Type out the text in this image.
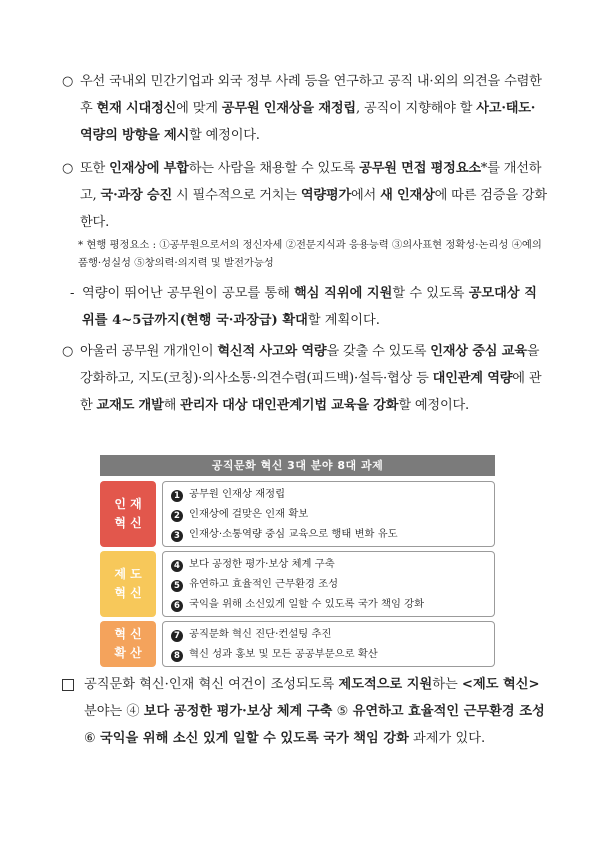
○ 우선 국내외 민간기업과 외국 정부 사례 등을 연구하고 공직 내·외의 의견을 수렴한 후 현재 시대정신에 맞게 공무원 인재상을 재정립, 공직이 지향해야 할 사고·태도·역량의 방향을 제시할 예정이다.
○ 또한 인재상에 부합하는 사람을 채용할 수 있도록 공무원 면접 평정요소*를 개선하고, 국·과장 승진 시 필수적으로 거치는 역량평가에서 새 인재상에 따른 검증을 강화한다.
* 현행 평정요소 : ①공무원으로서의 정신자세 ②전문지식과 응용능력 ③의사표현 정확성·논리성 ④예의품행·성실성 ⑤창의력·의지력 및 발전가능성
- 역량이 뛰어난 공무원이 공모를 통해 핵심 직위에 지원할 수 있도록 공모대상 직위를 4~5급까지(현행 국·과장급) 확대할 계획이다.
○ 아울러 공무원 개개인이 혁신적 사고와 역량을 갖출 수 있도록 인재상 중심 교육을 강화하고, 지도(코칭)·의사소통·의견수렴(피드백)·설득·협상 등 대인관계 역량에 관한 교재도 개발해 관리자 대상 대인관계기법 교육을 강화할 예정이다.
공직문화 혁신 3대 분야 8대 과제
인 재
혁 신
1 공무원 인재상 재정립
2 인재상에 걸맞은 인재 확보
3 인재상·소통역량 중심 교육으로 행태 변화 유도
제 도
혁 신
4 보다 공정한 평가·보상 체계 구축
5 유연하고 효율적인 근무환경 조성
6 국익을 위해 소신있게 일할 수 있도록 국가 책임 강화
혁 신
확 산
7 공직문화 혁신 진단·컨설팅 추진
8 혁신 성과 홍보 및 모든 공공부문으로 확산
공직문화 혁신·인재 혁신 여건이 조성되도록 제도적으로 지원하는 <제도 혁신> 분야는 ④ 보다 공정한 평가·보상 체계 구축 ⑤ 유연하고 효율적인 근무환경 조성 ⑥ 국익을 위해 소신 있게 일할 수 있도록 국가 책임 강화 과제가 있다.
